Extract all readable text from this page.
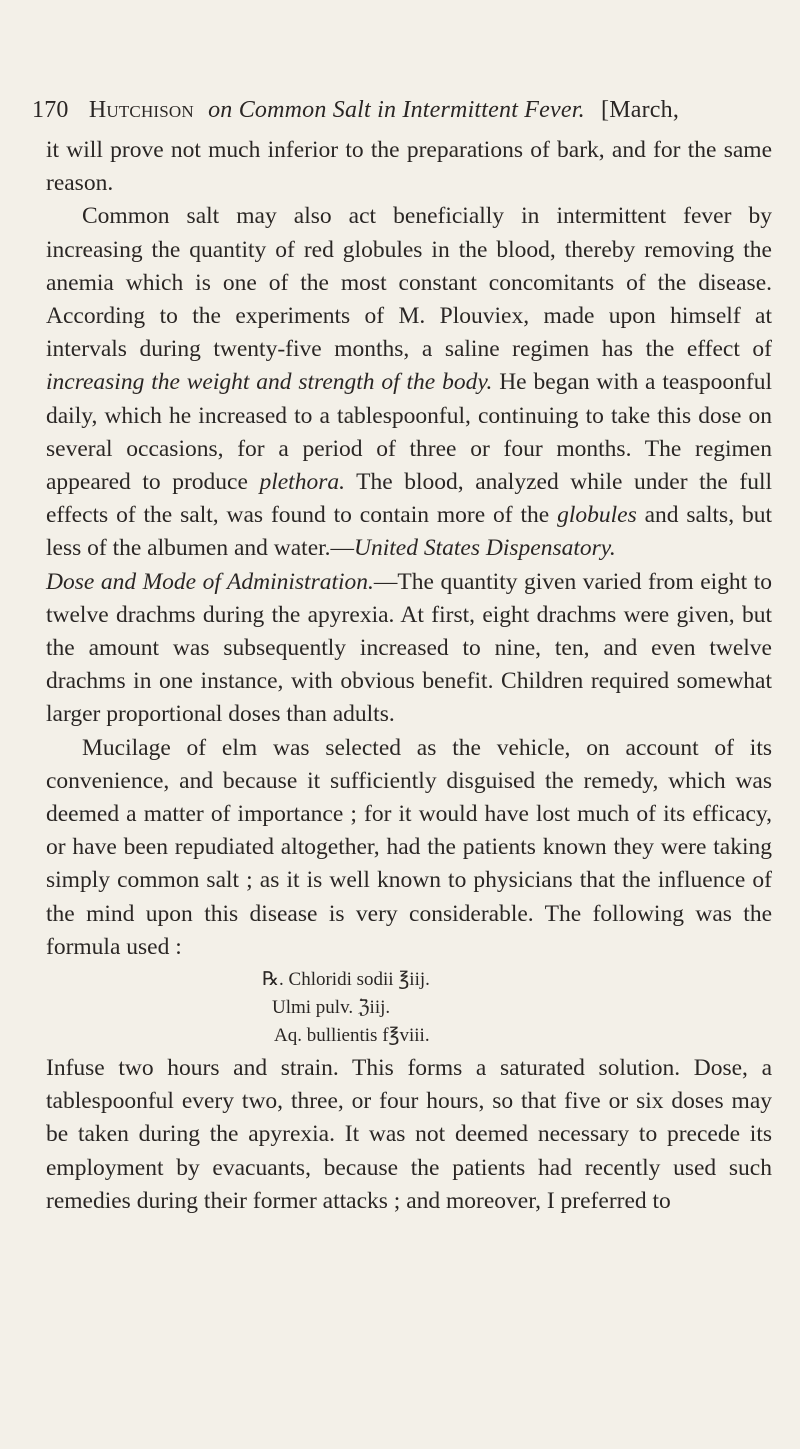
170 Hutchison on Common Salt in Intermittent Fever. [March,

it will prove not much inferior to the preparations of bark, and for the same reason.

Common salt may also act beneficially in intermittent fever by increasing the quantity of red globules in the blood, thereby removing the anemia which is one of the most constant concomitants of the disease. According to the experiments of M. Plouviex, made upon himself at intervals during twenty-five months, a saline regimen has the effect of increasing the weight and strength of the body. He began with a teaspoonful daily, which he increased to a tablespoonful, continuing to take this dose on several occasions, for a period of three or four months. The regimen appeared to produce plethora. The blood, analyzed while under the full effects of the salt, was found to contain more of the globules and salts, but less of the albumen and water.—United States Dispensatory.

Dose and Mode of Administration.—The quantity given varied from eight to twelve drachms during the apyrexia. At first, eight drachms were given, but the amount was subsequently increased to nine, ten, and even twelve drachms in one instance, with obvious benefit. Children required somewhat larger proportional doses than adults.

Mucilage of elm was selected as the vehicle, on account of its convenience, and because it sufficiently disguised the remedy, which was deemed a matter of importance ; for it would have lost much of its efficacy, or have been repudiated altogether, had the patients known they were taking simply common salt ; as it is well known to physicians that the influence of the mind upon this disease is very considerable. The following was the formula used :

℞. Chloridi sodii ℥iij.
Ulmi pulv. ℨiij.
Aq. bullientis f℥viii.

Infuse two hours and strain. This forms a saturated solution. Dose, a tablespoonful every two, three, or four hours, so that five or six doses may be taken during the apyrexia. It was not deemed necessary to precede its employment by evacuants, because the patients had recently used such remedies during their former attacks ; and moreover, I preferred to
